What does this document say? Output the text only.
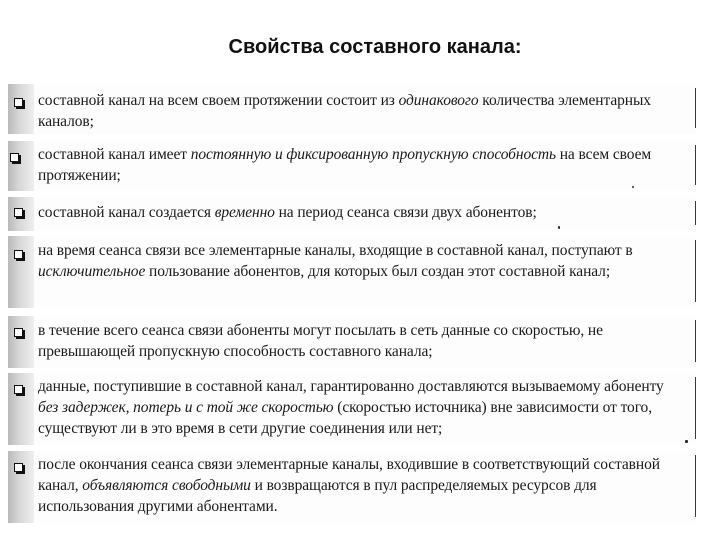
Свойства составного канала:
составной канал на всем своем протяжении состоит из одинакового количества элементарных каналов;
составной канал имеет постоянную и фиксированную пропускную способность на всем своем протяжении;
составной канал создается временно на период сеанса связи двух абонентов;
на время сеанса связи все элементарные каналы, входящие в составной канал, поступают в исключительное пользование абонентов, для которых был создан этот составной канал;
в течение всего сеанса связи абоненты могут посылать в сеть данные со скоростью, не превышающей пропускную способность составного канала;
данные, поступившие в составной канал, гарантированно доставляются вызываемому абоненту без задержек, потерь и с той же скоростью (скоростью источника) вне зависимости от того, существуют ли в это время в сети другие соединения или нет;
после окончания сеанса связи элементарные каналы, входившие в соответствующий составной канал, объявляются свободными и возвращаются в пул распределяемых ресурсов для использования другими абонентами.
